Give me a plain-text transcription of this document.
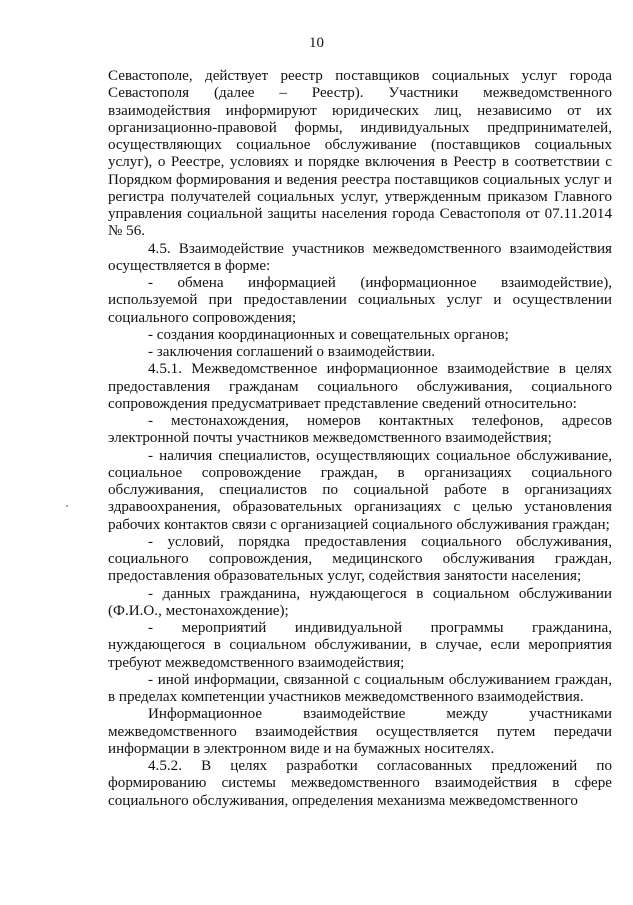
10

Севастополе, действует реестр поставщиков социальных услуг города Севастополя (далее – Реестр). Участники межведомственного взаимодействия информируют юридических лиц, независимо от их организационно-правовой формы, индивидуальных предпринимателей, осуществляющих социальное обслуживание (поставщиков социальных услуг), о Реестре, условиях и порядке включения в Реестр в соответствии с Порядком формирования и ведения реестра поставщиков социальных услуг и регистра получателей социальных услуг, утвержденным приказом Главного управления социальной защиты населения города Севастополя от 07.11.2014 № 56.

4.5. Взаимодействие участников межведомственного взаимодействия осуществляется в форме:

- обмена информацией (информационное взаимодействие), используемой при предоставлении социальных услуг и осуществлении социального сопровождения;

- создания координационных и совещательных органов;

- заключения соглашений о взаимодействии.

4.5.1. Межведомственное информационное взаимодействие в целях предоставления гражданам социального обслуживания, социального сопровождения предусматривает представление сведений относительно:

- местонахождения, номеров контактных телефонов, адресов электронной почты участников межведомственного взаимодействия;

- наличия специалистов, осуществляющих социальное обслуживание, социальное сопровождение граждан, в организациях социального обслуживания, специалистов по социальной работе в организациях здравоохранения, образовательных организациях с целью установления рабочих контактов связи с организацией социального обслуживания граждан;

- условий, порядка предоставления социального обслуживания, социального сопровождения, медицинского обслуживания граждан, предоставления образовательных услуг, содействия занятости населения;

- данных гражданина, нуждающегося в социальном обслуживании (Ф.И.О., местонахождение);

- мероприятий индивидуальной программы гражданина, нуждающегося в социальном обслуживании, в случае, если мероприятия требуют межведомственного взаимодействия;

- иной информации, связанной с социальным обслуживанием граждан, в пределах компетенции участников межведомственного взаимодействия.

Информационное взаимодействие между участниками межведомственного взаимодействия осуществляется путем передачи информации в электронном виде и на бумажных носителях.

4.5.2. В целях разработки согласованных предложений по формированию системы межведомственного взаимодействия в сфере социального обслуживания, определения механизма межведомственного
